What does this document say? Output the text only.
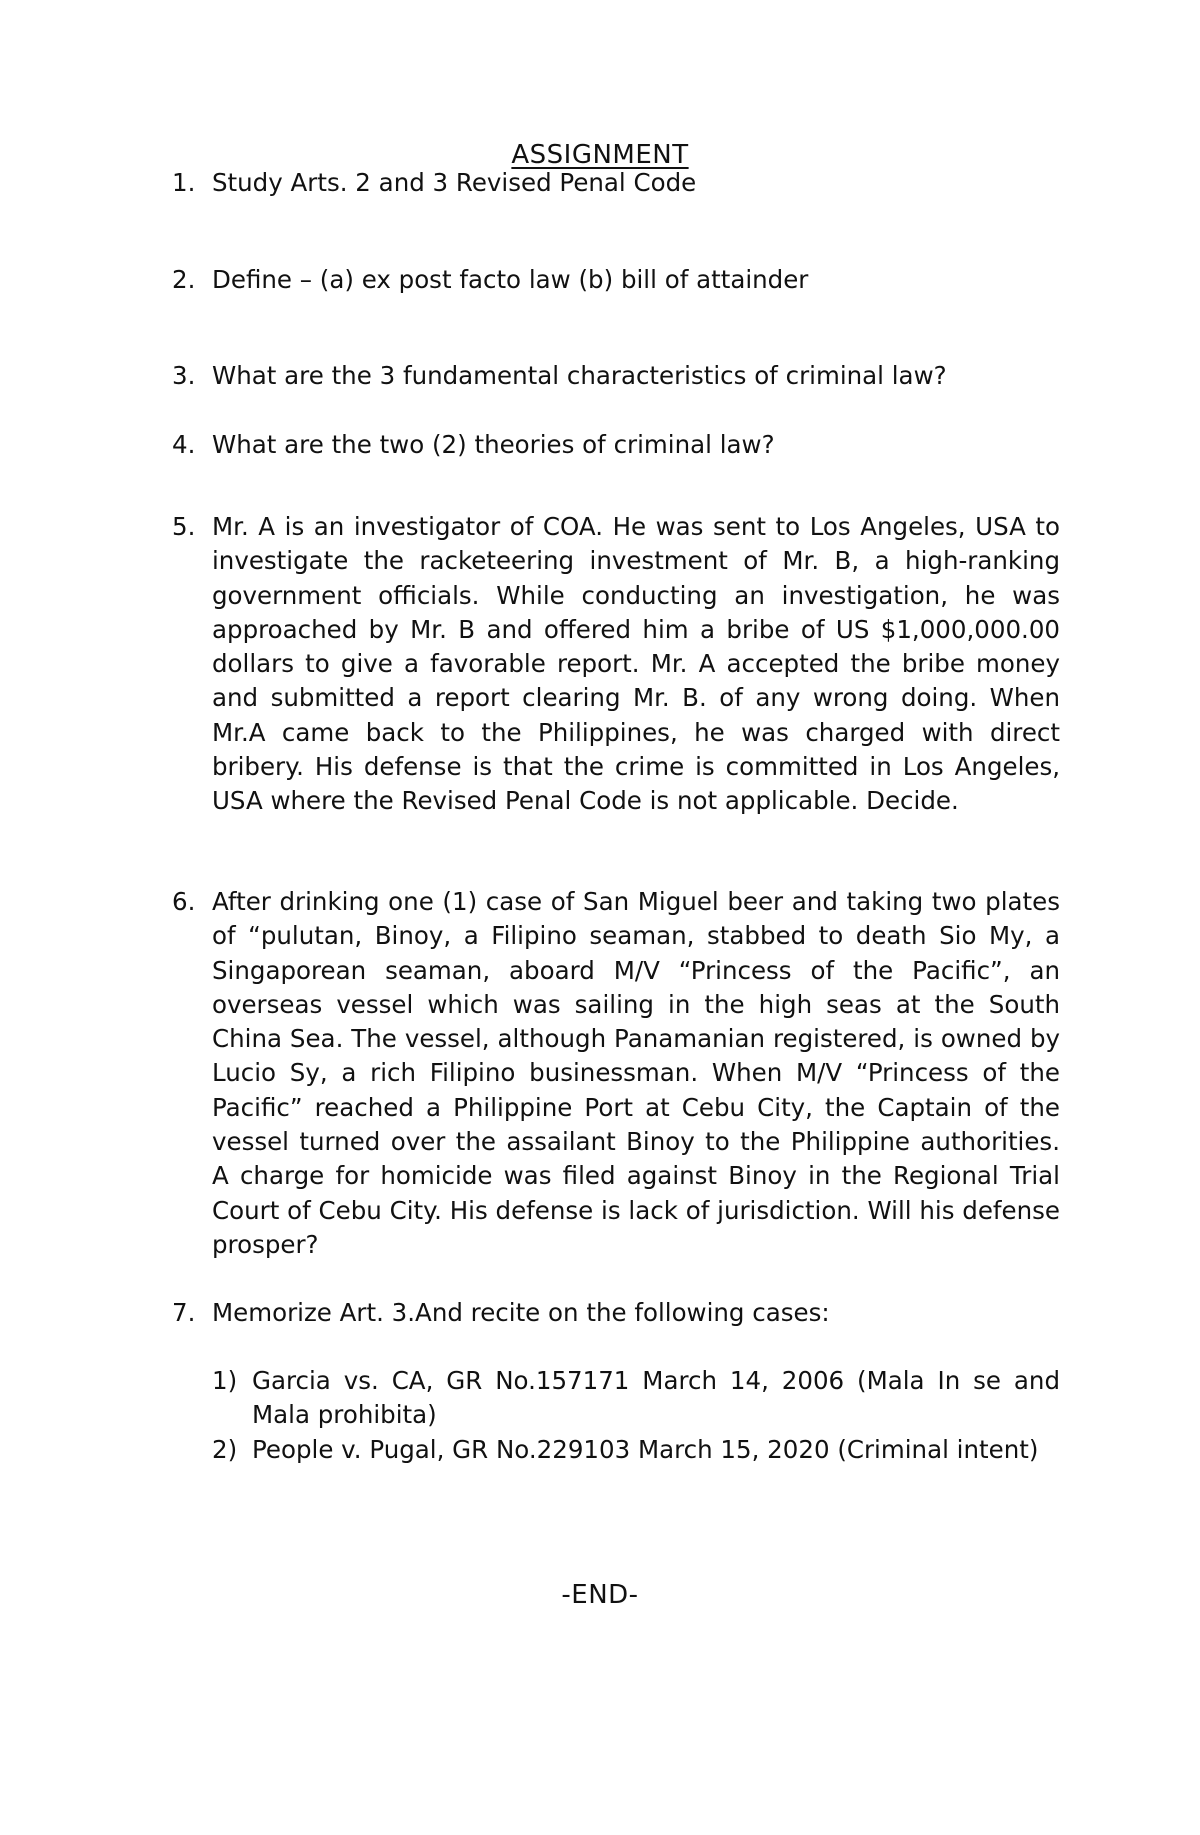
ASSIGNMENT
1. Study Arts. 2 and 3 Revised Penal Code
2. Define – (a) ex post facto law (b) bill of attainder
3. What are the 3 fundamental characteristics of criminal law?
4. What are the two (2) theories of criminal law?
5. Mr. A is an investigator of COA. He was sent to Los Angeles, USA to investigate the racketeering investment of Mr. B, a high-ranking government officials. While conducting an investigation, he was approached by Mr. B and offered him a bribe of US $1,000,000.00 dollars to give a favorable report. Mr. A accepted the bribe money and submitted a report clearing Mr. B. of any wrong doing. When Mr.A came back to the Philippines, he was charged with direct bribery. His defense is that the crime is committed in Los Angeles, USA where the Revised Penal Code is not applicable. Decide.
6. After drinking one (1) case of San Miguel beer and taking two plates of “pulutan, Binoy, a Filipino seaman, stabbed to death Sio My, a Singaporean seaman, aboard M/V “Princess of the Pacific”, an overseas vessel which was sailing in the high seas at the South China Sea. The vessel, although Panamanian registered, is owned by Lucio Sy, a rich Filipino businessman. When M/V “Princess of the Pacific” reached a Philippine Port at Cebu City, the Captain of the vessel turned over the assailant Binoy to the Philippine authorities. A charge for homicide was filed against Binoy in the Regional Trial Court of Cebu City. His defense is lack of jurisdiction. Will his defense prosper?
7. Memorize Art. 3.And recite on the following cases:
1) Garcia vs. CA, GR No.157171 March 14, 2006 (Mala In se and Mala prohibita)
2) People v. Pugal, GR No.229103 March 15, 2020 (Criminal intent)
-END-
